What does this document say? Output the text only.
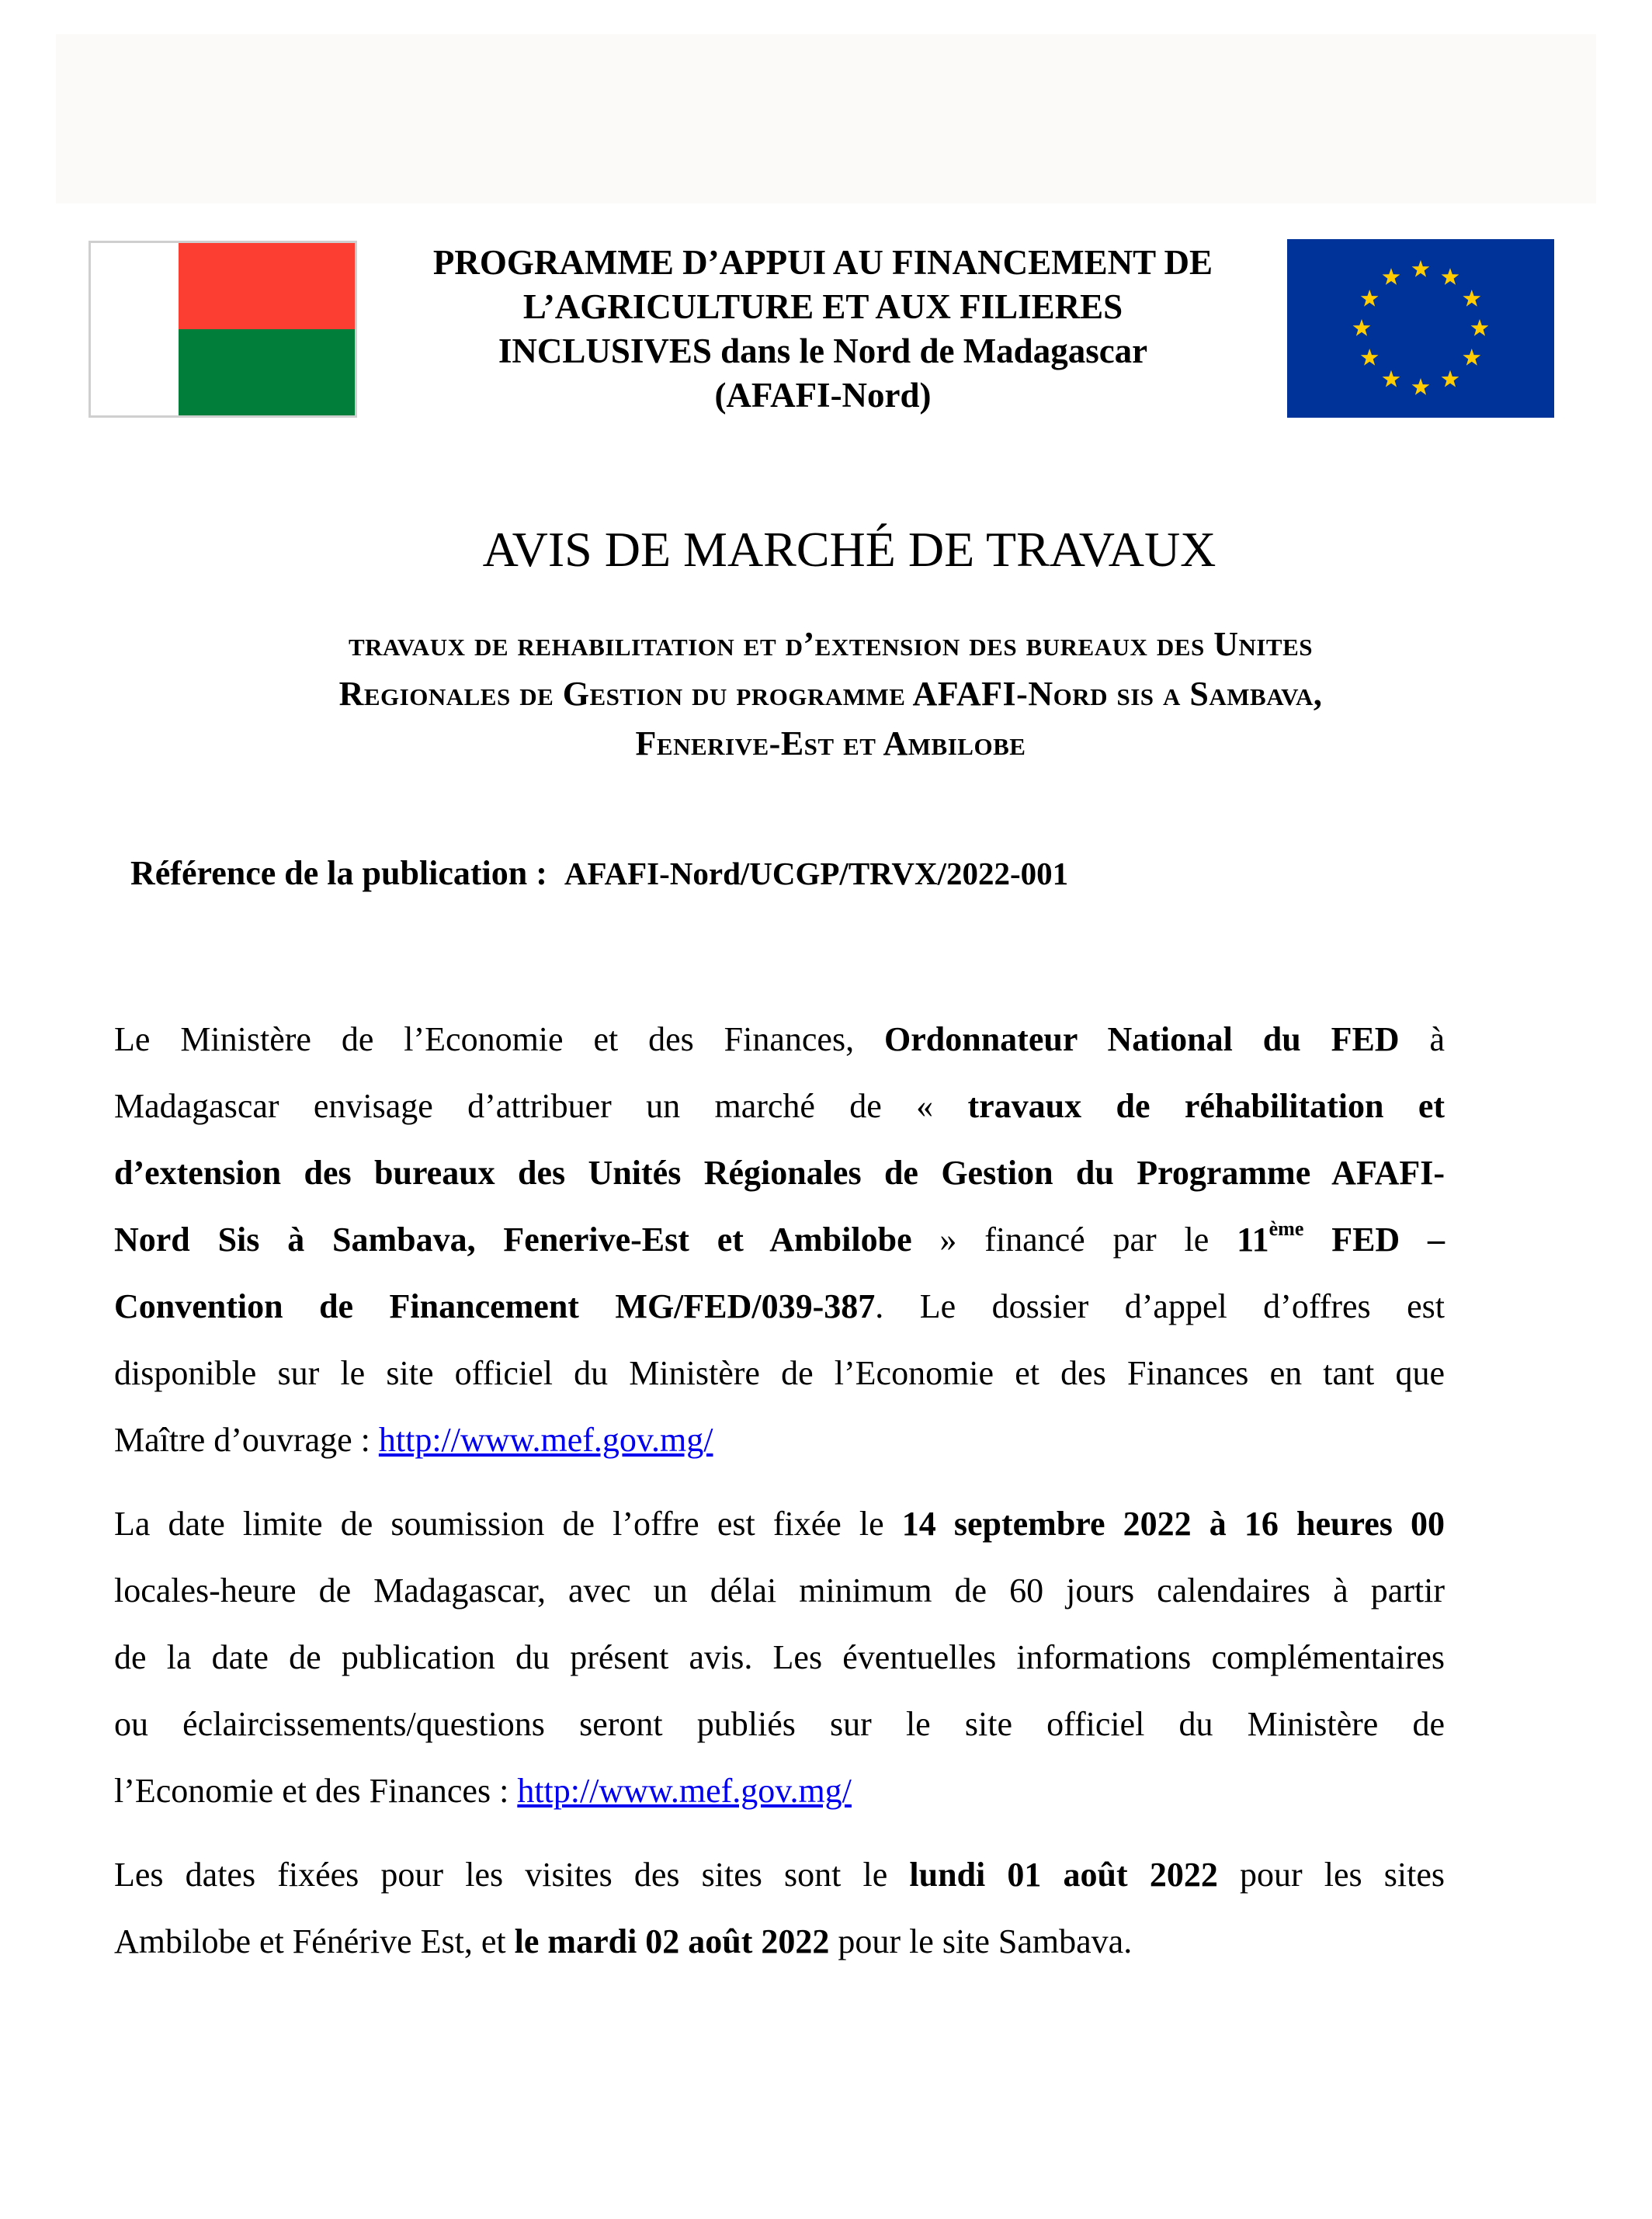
PROGRAMME D’APPUI AU FINANCEMENT DE
L’AGRICULTURE ET AUX FILIERES
INCLUSIVES dans le Nord de Madagascar
(AFAFI-Nord)
AVIS DE MARCHÉ DE TRAVAUX
travaux de rehabilitation et d’extension des bureaux des Unites
Regionales de Gestion du programme AFAFI-Nord sis a Sambava,
Fenerive-Est et Ambilobe
Référence de la publication : AFAFI-Nord/UCGP/TRVX/2022-001
Le Ministère de l’Economie et des Finances, Ordonnateur National du FED à
Madagascar envisage d’attribuer un marché de « travaux de réhabilitation et
d’extension des bureaux des Unités Régionales de Gestion du Programme AFAFI-
Nord Sis à Sambava, Fenerive-Est et Ambilobe » financé par le 11ème FED –
Convention de Financement MG/FED/039-387. Le dossier d’appel d’offres est
disponible sur le site officiel du Ministère de l’Economie et des Finances en tant que
Maître d’ouvrage : http://www.mef.gov.mg/
La date limite de soumission de l’offre est fixée le 14 septembre 2022 à 16 heures 00
locales-heure de Madagascar, avec un délai minimum de 60 jours calendaires à partir
de la date de publication du présent avis. Les éventuelles informations complémentaires
ou éclaircissements/questions seront publiés sur le site officiel du Ministère de
l’Economie et des Finances : http://www.mef.gov.mg/
Les dates fixées pour les visites des sites sont le lundi 01 août 2022 pour les sites
Ambilobe et Fénérive Est, et le mardi 02 août 2022 pour le site Sambava.
